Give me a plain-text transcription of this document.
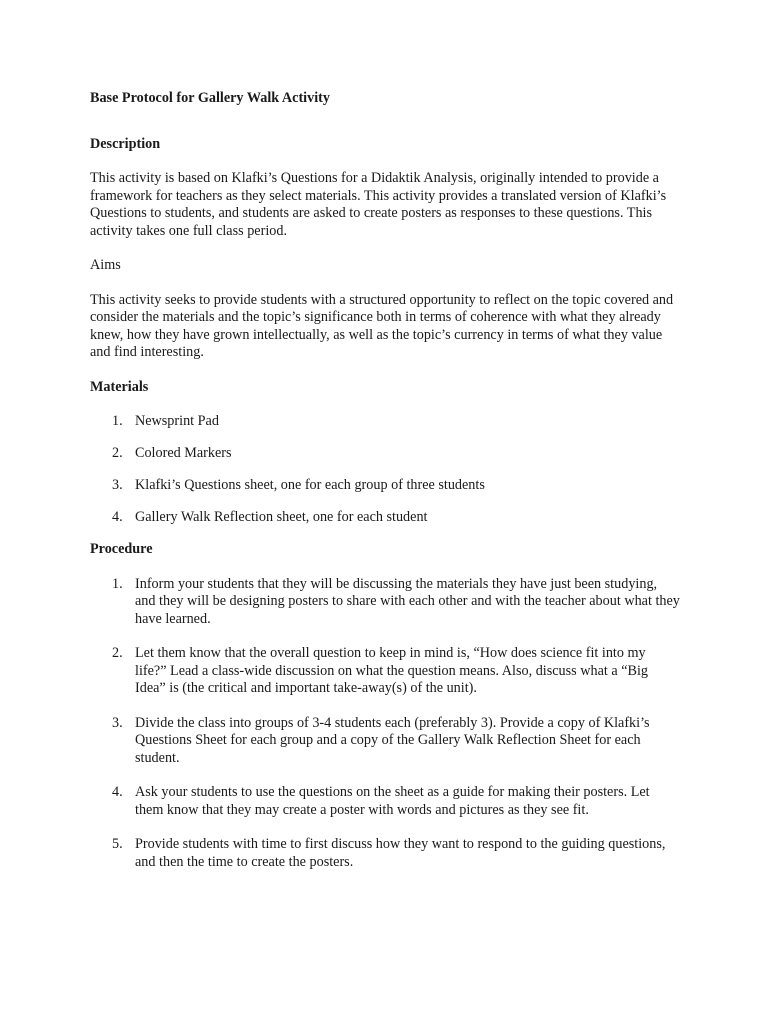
Base Protocol for Gallery Walk Activity
Description

This activity is based on Klafki’s Questions for a Didaktik Analysis, originally intended to provide a framework for teachers as they select materials. This activity provides a translated version of Klafki’s Questions to students, and students are asked to create posters as responses to these questions. This activity takes one full class period.

Aims

This activity seeks to provide students with a structured opportunity to reflect on the topic covered and consider the materials and the topic’s significance both in terms of coherence with what they already knew, how they have grown intellectually, as well as the topic’s currency in terms of what they value and find interesting.

Materials
1. Newsprint Pad
2. Colored Markers
3. Klafki’s Questions sheet, one for each group of three students
4. Gallery Walk Reflection sheet, one for each student
Procedure
1. Inform your students that they will be discussing the materials they have just been studying, and they will be designing posters to share with each other and with the teacher about what they have learned.
2. Let them know that the overall question to keep in mind is, “How does science fit into my life?” Lead a class-wide discussion on what the question means. Also, discuss what a “Big Idea” is (the critical and important take-away(s) of the unit).
3. Divide the class into groups of 3-4 students each (preferably 3). Provide a copy of Klafki’s Questions Sheet for each group and a copy of the Gallery Walk Reflection Sheet for each student.
4. Ask your students to use the questions on the sheet as a guide for making their posters. Let them know that they may create a poster with words and pictures as they see fit.
5. Provide students with time to first discuss how they want to respond to the guiding questions, and then the time to create the posters.
